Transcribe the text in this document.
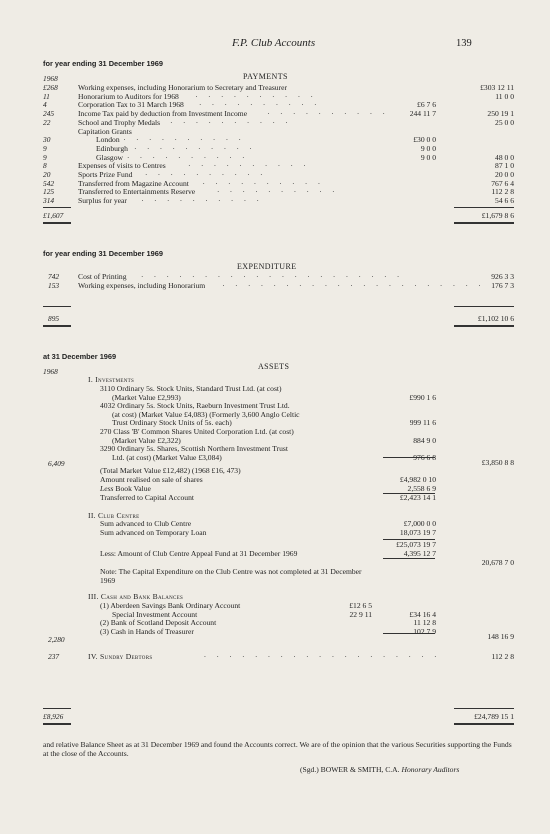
F.P. Club Accounts	139
for year ending 31 December 1969
PAYMENTS
1968
£268	Working expenses, including Honorarium to Secretary and Treasurer	£303 12 11
11	Honorarium to Auditors for 1968 . . . . . . . . . .	11 0 0
4	Corporation Tax to 31 March 1968 . . . . . . . . . .	£6 7 6
245	Income Tax paid by deduction from Investment Income	. . . . . . . . . .	244 11 7	250 19 1
22	School and Trophy Medals . . . . . . . . . .	25 0 0
Capitation Grants
30	London . . . . . . . . . .	£30 0 0
9	Edinburgh . . . . . . . . . .	9 0 0
9	Glasgow . . . . . . . . . .	9 0 0	48 0 0
8	Expenses of visits to Centres	. . . . . . . . . .	87 1 0
20	Sports Prize Fund . . . . . . . . . .	20 0 0
542	Transferred from Magazine Account . . . . . . . . . .	767 6 4
125	Transferred to Entertainments Reserve	. . . . . . . . . .	112 2 8
314	Surplus for year . . . . . . . . . .	54 6 6
£1,607	£1,679 8 6
for year ending 31 December 1969
EXPENDITURE
742 Cost of Printing . . . . . . . . . . . . . . . . . . . . .	926 3 3
153 Working expenses, including Honorarium . . . . . . . . . . . . . . . . . . . . . 176 7 3
895	£1,102 10 6
at 31 December 1969
ASSETS
1968
I. Investments
3110 Ordinary 5s. Stock Units, Standard Trust Ltd. (at cost)
(Market Value £2,993)	£990 1 6
4032 Ordinary 5s. Stock Units, Raeburn Investment Trust Ltd.
(at cost) (Market Value £4,083) (Formerly 3,600 Anglo Celtic
Trust Ordinary Stock Units of 5s. each)	999 11 6
270 Class 'B' Common Shares United Corporation Ltd. (at cost)
(Market Value £2,322)	884 9 0
3290 Ordinary 5s. Shares, Scottish Northern Investment Trust
Ltd. (at cost) (Market Value £3,084)	976 6 8
6,409	£3,850 8 8
(Total Market Value £12,482) (1968 £16, 473)
Amount realised on sale of shares	£4,982 0 10
Less Book Value	2,558 6 9
Transferred to Capital Account	£2,423 14 1
II. Club Centre
Sum advanced to Club Centre	£7,000 0 0
Sum advanced on Temporary Loan	18,073 19 7
£25,073 19 7
Less: Amount of Club Centre Appeal Fund at 31 December 1969	4,395 12 7
20,678 7 0
Note: The Capital Expenditure on the Club Centre was not completed at 31 December 1969
III. Cash and Bank Balances
(1) Aberdeen Savings Bank Ordinary Account	£12 6 5
Special Investment Account	22 9 11	£34 16 4
(2) Bank of Scotland Deposit Account	11 12 8
(3) Cash in Hands of Treasurer	102 7 9
2,280	148 16 9
237	IV. Sundry Debtors	. . . . . . . . . . . . . . . . . . .	112 2 8
£8,926	£24,789 15 1
and relative Balance Sheet as at 31 December 1969 and found the Accounts correct. We are of the opinion that the various Securities supporting the Funds at the close of the Accounts.
(Sgd.) BOWER & SMITH, C.A. Honorary Auditors
